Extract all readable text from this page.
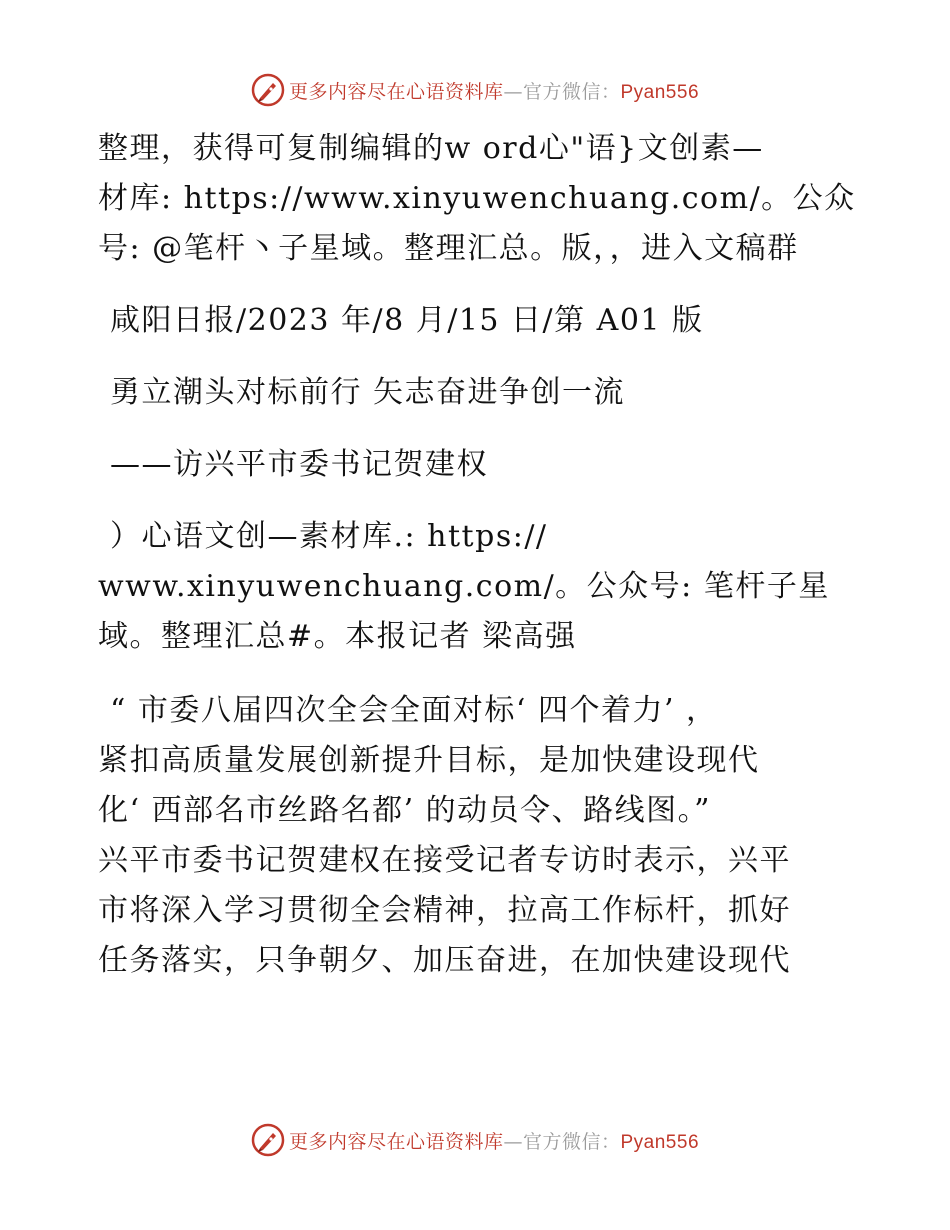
更多内容尽在心语资料库—官方微信：Pyan556
整理，获得可复制编辑的w ord心"语}文创素—
材库: https://www.xinyuwenchuang.com/。公众
号: @笔杆丶子星域。整理汇总。版，，进入文稿群
咸阳日报/2023 年/8 月/15 日/第 A01 版
勇立潮头对标前行 矢志奋进争创一流
——访兴平市委书记贺建权
）心语文创—素材库.: https://
www.xinyuwenchuang.com/。公众号: 笔杆子星
域。整理汇总#。本报记者 梁高强
“ 市委八届四次全会全面对标‘ 四个着力’ ，
紧扣高质量发展创新提升目标，是加快建设现代
化‘ 西部名市丝路名都’ 的动员令、路线图。”
兴平市委书记贺建权在接受记者专访时表示，兴平
市将深入学习贯彻全会精神，拉高工作标杆，抓好
任务落实，只争朝夕、加压奋进，在加快建设现代
更多内容尽在心语资料库—官方微信：Pyan556
